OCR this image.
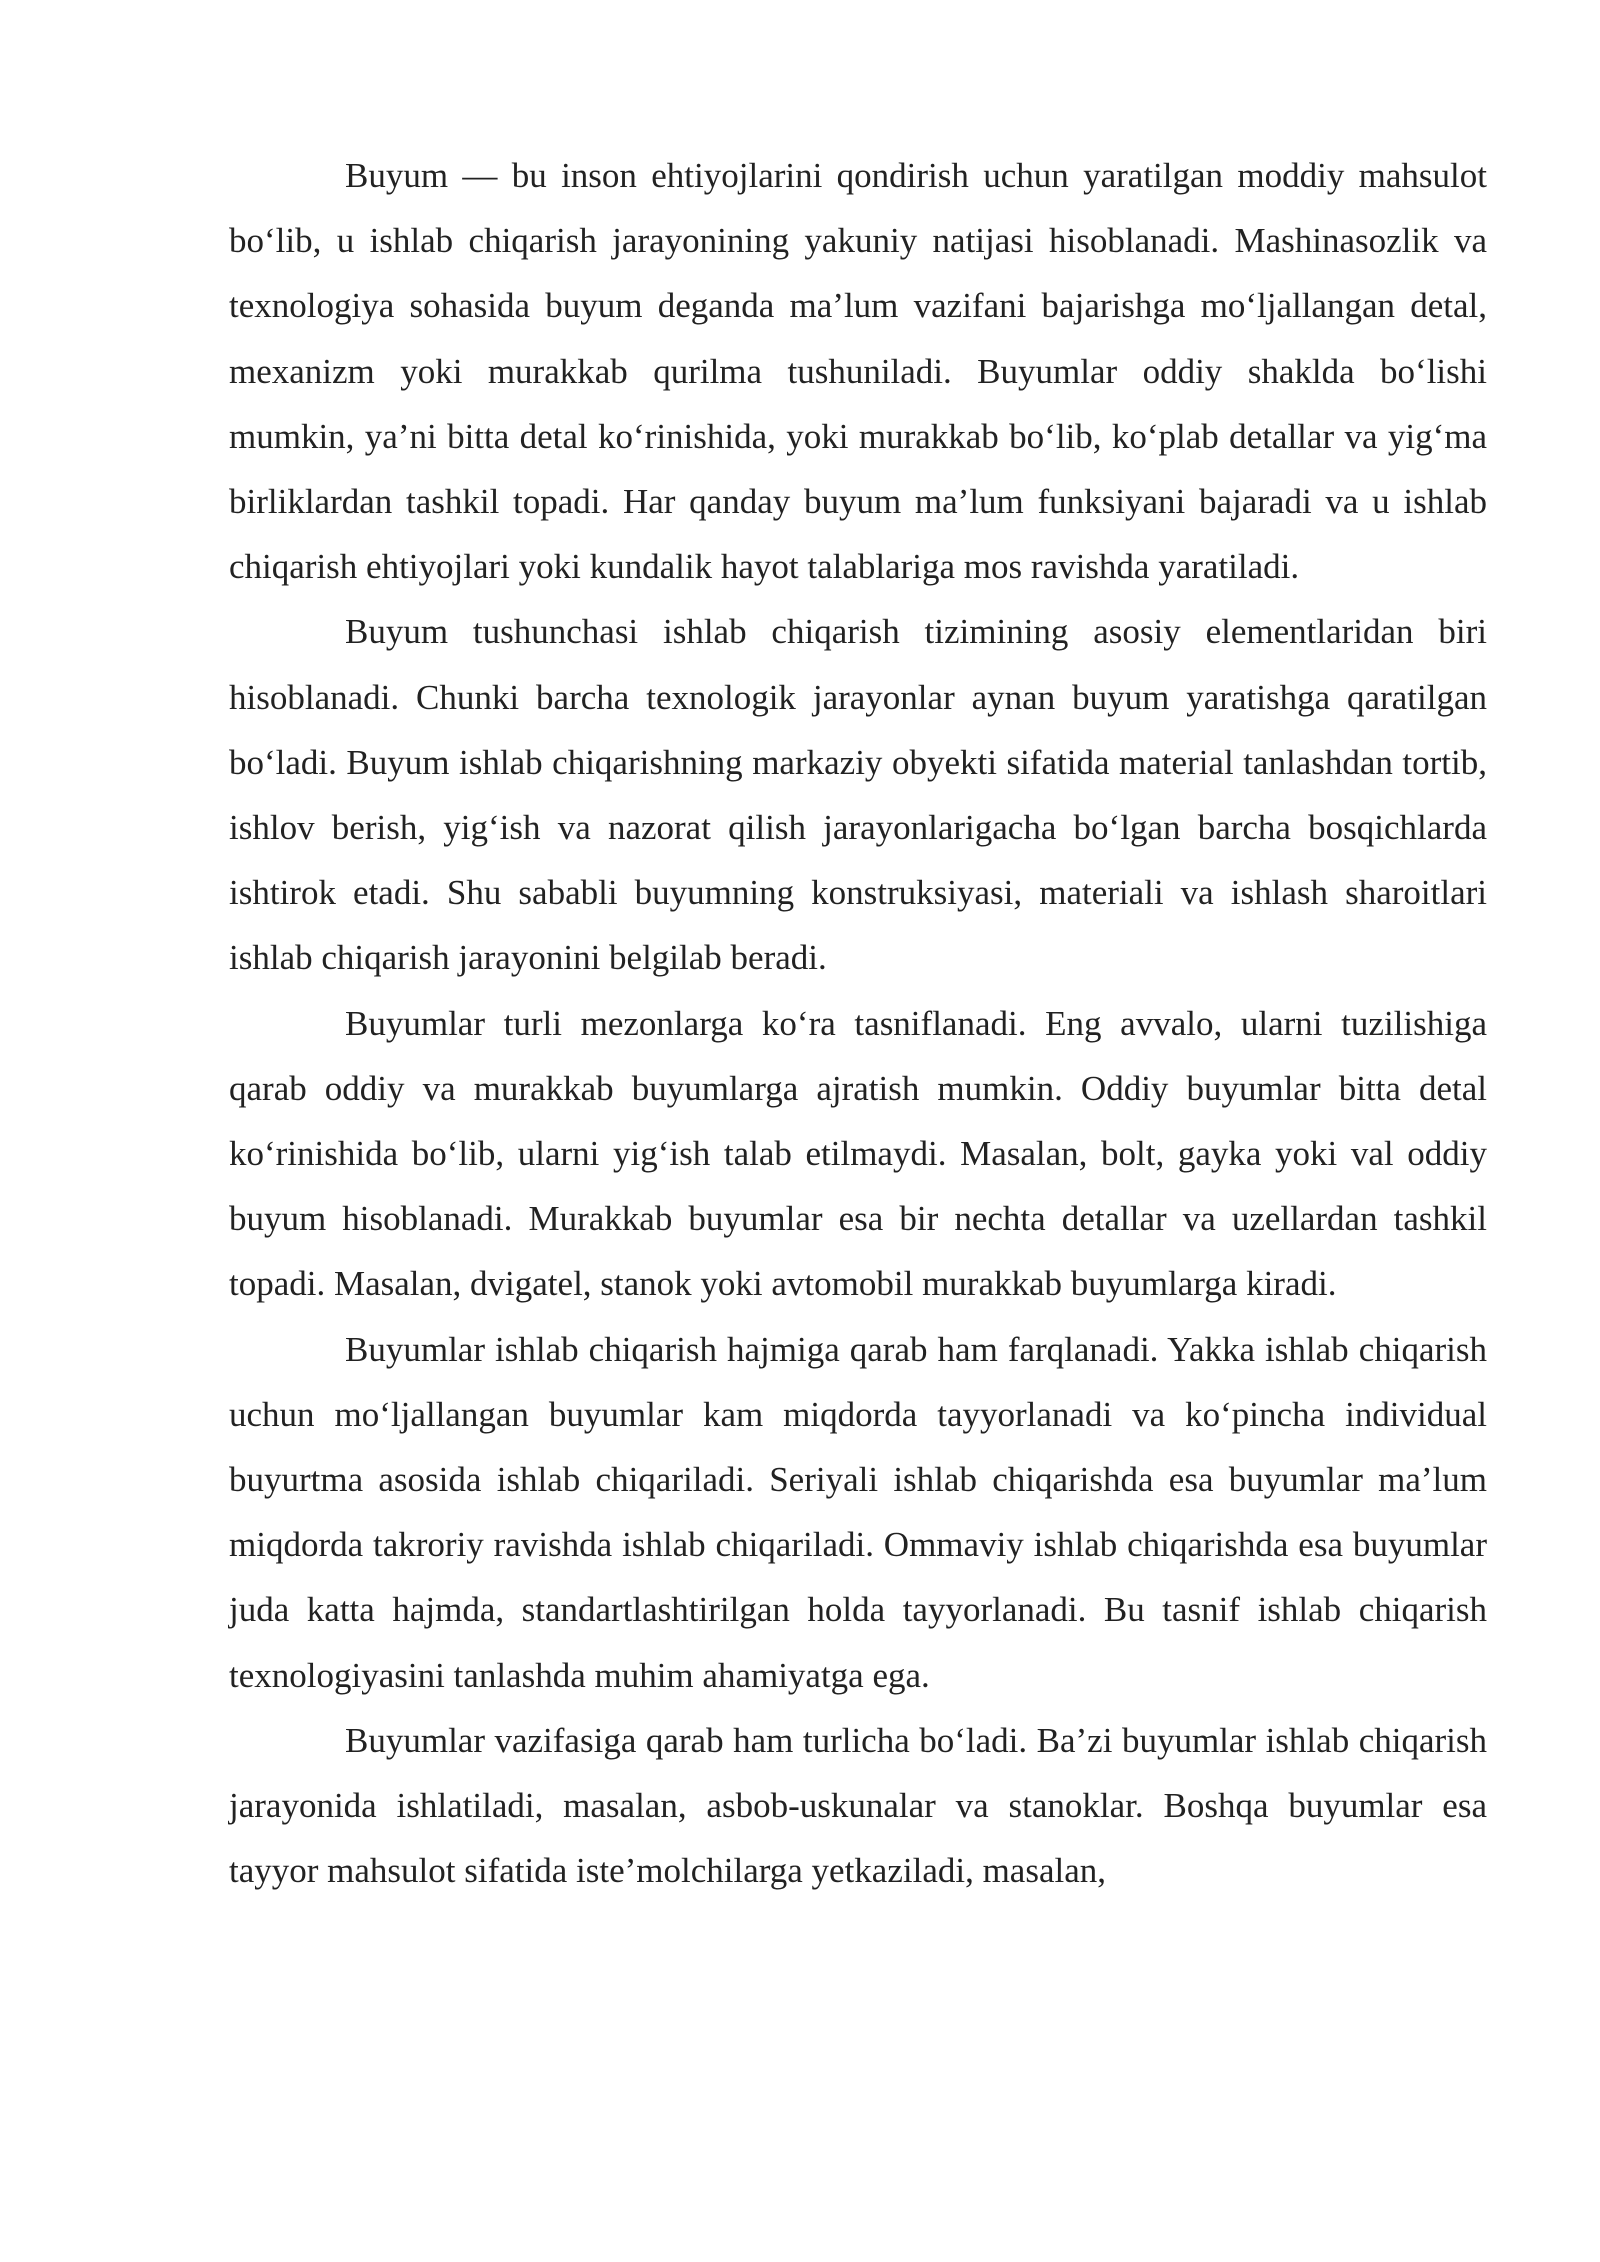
Buyum — bu inson ehtiyojlarini qondirish uchun yaratilgan moddiy mahsulot bo‘lib, u ishlab chiqarish jarayonining yakuniy natijasi hisoblanadi. Mashinasozlik va texnologiya sohasida buyum deganda ma’lum vazifani bajarishga mo‘ljallangan detal, mexanizm yoki murakkab qurilma tushuniladi. Buyumlar oddiy shaklda bo‘lishi mumkin, ya’ni bitta detal ko‘rinishida, yoki murakkab bo‘lib, ko‘plab detallar va yig‘ma birliklardan tashkil topadi. Har qanday buyum ma’lum funksiyani bajaradi va u ishlab chiqarish ehtiyojlari yoki kundalik hayot talablariga mos ravishda yaratiladi.

Buyum tushunchasi ishlab chiqarish tizimining asosiy elementlaridan biri hisoblanadi. Chunki barcha texnologik jarayonlar aynan buyum yaratishga qaratilgan bo‘ladi. Buyum ishlab chiqarishning markaziy obyekti sifatida material tanlashdan tortib, ishlov berish, yig‘ish va nazorat qilish jarayonlarigacha bo‘lgan barcha bosqichlarda ishtirok etadi. Shu sababli buyumning konstruksiyasi, materiali va ishlash sharoitlari ishlab chiqarish jarayonini belgilab beradi.

Buyumlar turli mezonlarga ko‘ra tasniflanadi. Eng avvalo, ularni tuzilishiga qarab oddiy va murakkab buyumlarga ajratish mumkin. Oddiy buyumlar bitta detal ko‘rinishida bo‘lib, ularni yig‘ish talab etilmaydi. Masalan, bolt, gayka yoki val oddiy buyum hisoblanadi. Murakkab buyumlar esa bir nechta detallar va uzellardan tashkil topadi. Masalan, dvigatel, stanok yoki avtomobil murakkab buyumlarga kiradi.

Buyumlar ishlab chiqarish hajmiga qarab ham farqlanadi. Yakka ishlab chiqarish uchun mo‘ljallangan buyumlar kam miqdorda tayyorlanadi va ko‘pincha individual buyurtma asosida ishlab chiqariladi. Seriyali ishlab chiqarishda esa buyumlar ma’lum miqdorda takroriy ravishda ishlab chiqariladi. Ommaviy ishlab chiqarishda esa buyumlar juda katta hajmda, standartlashtirilgan holda tayyorlanadi. Bu tasnif ishlab chiqarish texnologiyasini tanlashda muhim ahamiyatga ega.

Buyumlar vazifasiga qarab ham turlicha bo‘ladi. Ba’zi buyumlar ishlab chiqarish jarayonida ishlatiladi, masalan, asbob-uskunalar va stanoklar. Boshqa buyumlar esa tayyor mahsulot sifatida iste’molchilarga yetkaziladi, masalan,
